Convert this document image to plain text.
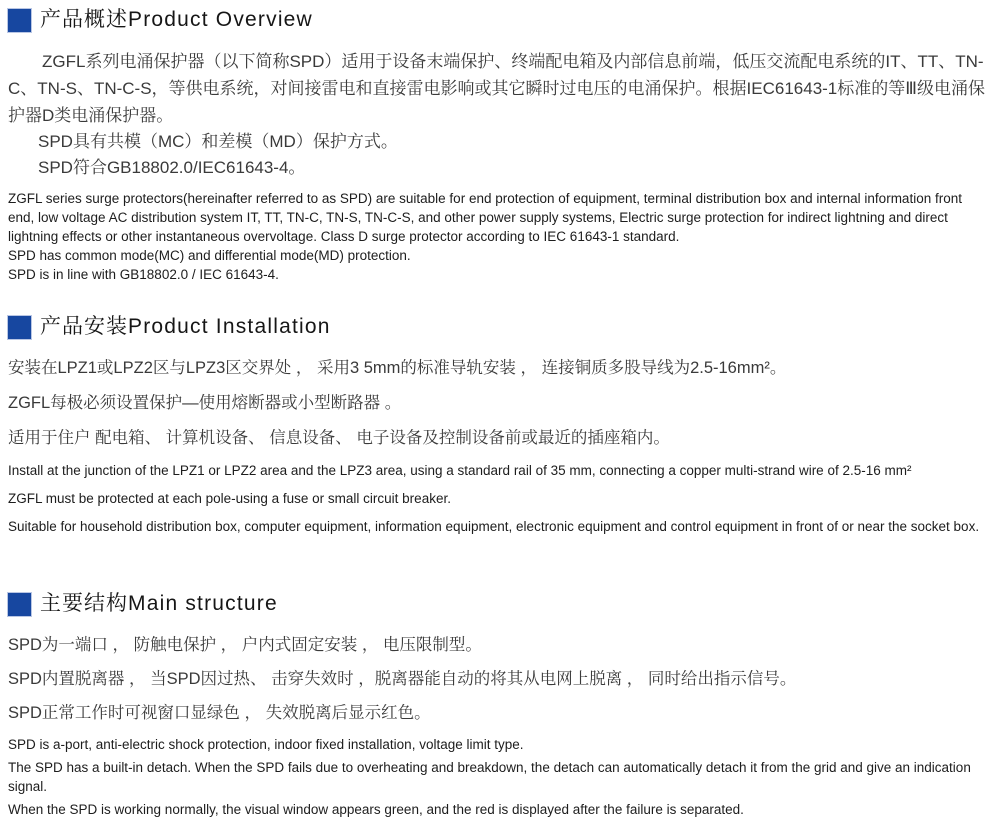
产品概述 Product Overview

ZGFL系列电涌保护器（以下简称SPD）适用于设备末端保护、终端配电箱及内部信息前端，低压交流配电系统的IT、TT、TN-C、TN-S、TN-C-S，等供电系统，对间接雷电和直接雷电影响或其它瞬时过电压的电涌保护。根据IEC61643-1标准的等Ⅲ级电涌保护器D类电涌保护器。

SPD具有共模（MC）和差模（MD）保护方式。

SPD符合GB18802.0/IEC61643-4。

ZGFL series surge protectors(hereinafter referred to as SPD) are suitable for end protection of equipment, terminal distribution box and internal information front end, low voltage AC distribution system IT, TT, TN-C, TN-S, TN-C-S, and other power supply systems, Electric surge protection for indirect lightning and direct lightning effects or other instantaneous overvoltage. Class D surge protector according to IEC 61643-1 standard.

SPD has common mode(MC) and differential mode(MD) protection.

SPD is in line with GB18802.0 / IEC 61643-4.

产品安装 Product Installation

安装在LPZ1或LPZ2区与LPZ3区交界处 ， 采用3 5mm的标准导轨安装 ， 连接铜质多股导线为2.5-16mm²。

ZGFL每极必须设置保护—使用熔断器或小型断路器 。

适用于住户 配电箱、 计算机设备、 信息设备、 电子设备及控制设备前或最近的插座箱内。

Install at the junction of the LPZ1 or LPZ2 area and the LPZ3 area, using a standard rail of 35 mm, connecting a copper multi-strand wire of 2.5-16 mm²

ZGFL must be protected at each pole-using a fuse or small circuit breaker.

Suitable for household distribution box, computer equipment, information equipment, electronic equipment and control equipment in front of or near the socket box.

主要结构 Main structure

SPD为一端口 ， 防触电保护 ， 户内式固定安装 ， 电压限制型。

SPD内置脱离器 ， 当SPD因过热、 击穿失效时 ，脱离器能自动的将其从电网上脱离 ， 同时给出指示信号。

SPD正常工作时可视窗口显绿色 ， 失效脱离后显示红色。

SPD is a-port, anti-electric shock protection, indoor fixed installation, voltage limit type.

The SPD has a built-in detach. When the SPD fails due to overheating and breakdown, the detach can automatically detach it from the grid and give an indication signal.

When the SPD is working normally, the visual window appears green, and the red is displayed after the failure is separated.
